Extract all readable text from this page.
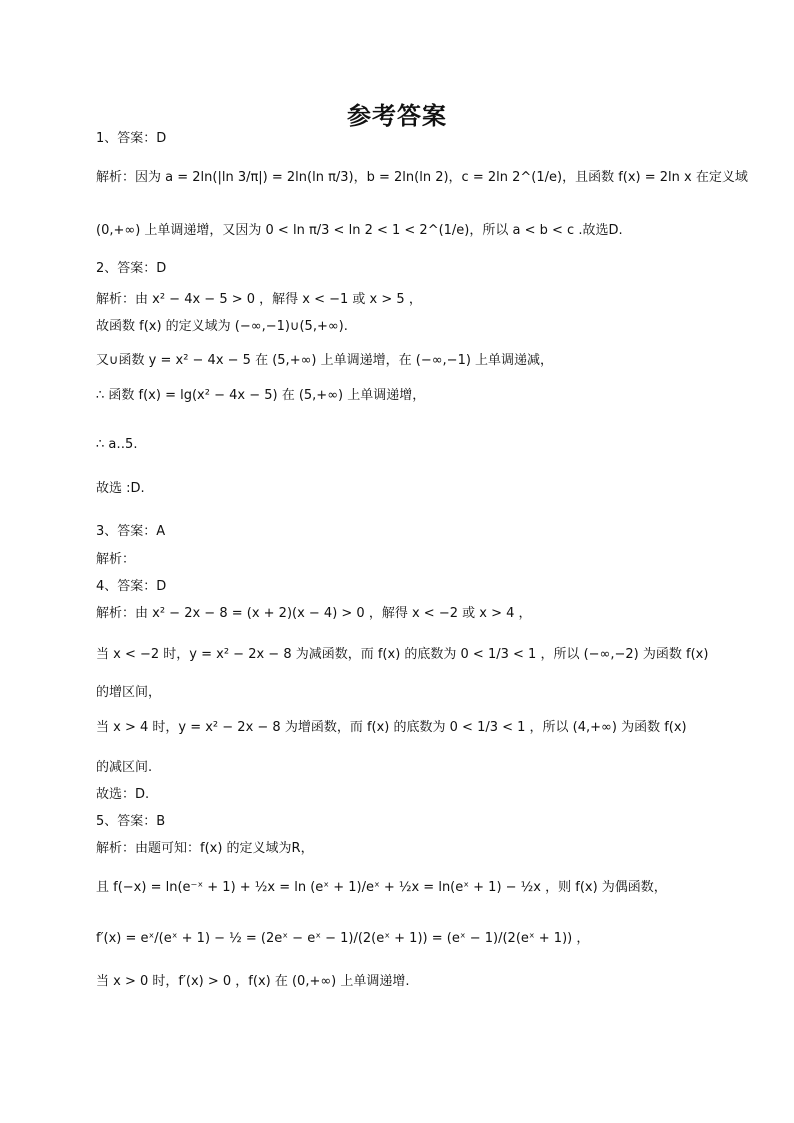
参考答案
1、答案：D
解析：因为 a = 2ln(|ln 3/π|) = 2ln(ln π/3)，b = 2ln(ln 2)，c = 2ln 2^(1/e)，且函数 f(x) = 2ln x 在定义域
(0,+∞) 上单调递增，又因为 0 < ln π/3 < ln 2 < 1 < 2^(1/e)，所以 a < b < c .故选D.
2、答案：D
解析：由 x² − 4x − 5 > 0 ，解得 x < −1 或 x > 5 ，
故函数 f(x) 的定义域为 (−∞,−1)∪(5,+∞).
又∪函数 y = x² − 4x − 5 在 (5,+∞) 上单调递增，在 (−∞,−1) 上单调递减，
∴ 函数 f(x) = lg(x² − 4x − 5) 在 (5,+∞) 上单调递增，
∴ a‥5.
故选 :D.
3、答案：A
解析：
4、答案：D
解析：由 x² − 2x − 8 = (x + 2)(x − 4) > 0 ，解得 x < −2 或 x > 4 ，
当 x < −2 时，y = x² − 2x − 8 为减函数，而 f(x) 的底数为 0 < 1/3 < 1 ，所以 (−∞,−2) 为函数 f(x)
的增区间，
当 x > 4 时，y = x² − 2x − 8 为增函数，而 f(x) 的底数为 0 < 1/3 < 1 ，所以 (4,+∞) 为函数 f(x)
的减区间.
故选：D.
5、答案：B
解析：由题可知：f(x) 的定义域为R，
且 f(−x) = ln(e⁻ˣ + 1) + ½x = ln (eˣ + 1)/eˣ + ½x = ln(eˣ + 1) − ½x ，则 f(x) 为偶函数，
f′(x) = eˣ/(eˣ + 1) − ½ = (2eˣ − eˣ − 1)/(2(eˣ + 1)) = (eˣ − 1)/(2(eˣ + 1)) ，
当 x > 0 时，f′(x) > 0 ，f(x) 在 (0,+∞) 上单调递增.
